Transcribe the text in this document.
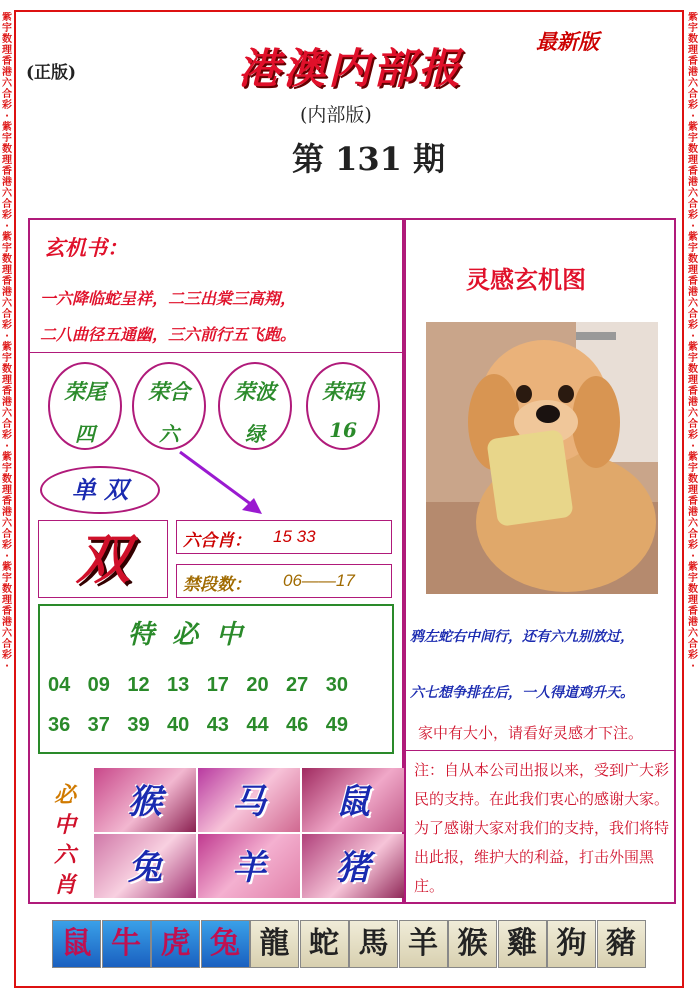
紫
宇
数
理
香
港
六
合
彩
·
紫
宇
数
理
香
港
六
合
彩
·
紫
宇
数
理
香
港
六
合
彩
·
紫
宇
数
理
香
港
六
合
彩
·
紫
宇
数
理
香
港
六
合
彩
·
紫
宇
数
理
香
港
六
合
彩
·
紫
宇
数
理
香
港
六
合
彩
·
紫
宇
数
理
香
港
六
合
彩
·
紫
宇
数
理
香
港
六
合
彩
·
紫
宇
数
理
香
港
六
合
彩
·
紫
宇
数
理
香
港
六
合
彩
·
紫
宇
数
理
香
港
六
合
彩
·
(正版)
最新版
港澳内部报
(内部版)
第 131 期
玄机书：
一六降临蛇呈祥，二三出棠三高翔，
二八曲径五通幽，三六前行五飞跑。
荣尾
四
荣合
六
荣波
绿
荣码
16
单 双
双	六合肖： 15 33
禁段数： 06——17
特  必  中
04 09 12 13 17 20 27 30
36 37 39 40 43 44 46 49
必
中
六
肖
猴	马	鼠
兔	羊	猪
灵感玄机图
鸦左蛇右中间行，还有六九别放过，
六七想争排在后，一人得道鸡升天。
家中有大小，请看好灵感才下注。
注：自从本公司出报以来，受到广大彩民的支持。在此我们衷心的感谢大家。为了感谢大家对我们的支持，我们将特出此报，维护大的利益，打击外围黑庄。
鼠 牛 虎 兔 龍 蛇 馬 羊 猴 雞 狗 豬
